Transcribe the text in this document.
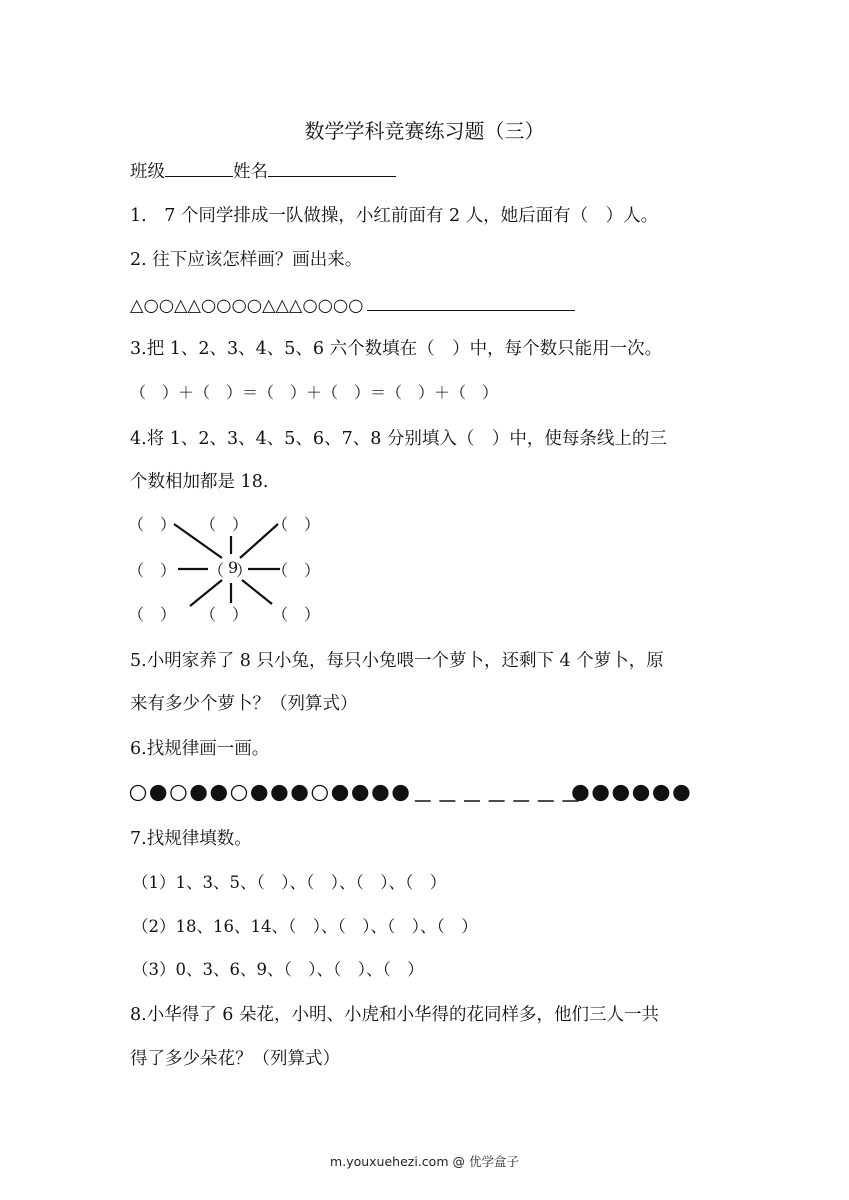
数学学科竞赛练习题（三）
班级	姓名
1.　7 个同学排成一队做操，小红前面有 2 人，她后面有（　）人。
2. 往下应该怎样画？画出来。
△○○△△○○○○△△△○○○○
3.把 1、2、3、4、5、6 六个数填在（　）中，每个数只能用一次。
（　）＋（　）＝（　）＋（　）＝（　）＋（　）
4.将 1、2、3、4、5、6、7、8 分别填入（　）中，使每条线上的三
个数相加都是 18.
（　） （　） （　）
（　） （ 9
） （　）
（　） （　） （　）
5.小明家养了 8 只小兔，每只小兔喂一个萝卜，还剩下 4 个萝卜，原
来有多少个萝卜？（列算式）
6.找规律画一画。
7.找规律填数。
（1）1、3、5、（　）、（　）、（　）、（　）
（2）18、16、14、（　）、（　）、（　）、（　）
（3）0、3、6、9、（　）、（　）、（　）
8.小华得了 6 朵花，小明、小虎和小华得的花同样多，他们三人一共
得了多少朵花？（列算式）
m.youxuehezi.com @ 优学盒子
